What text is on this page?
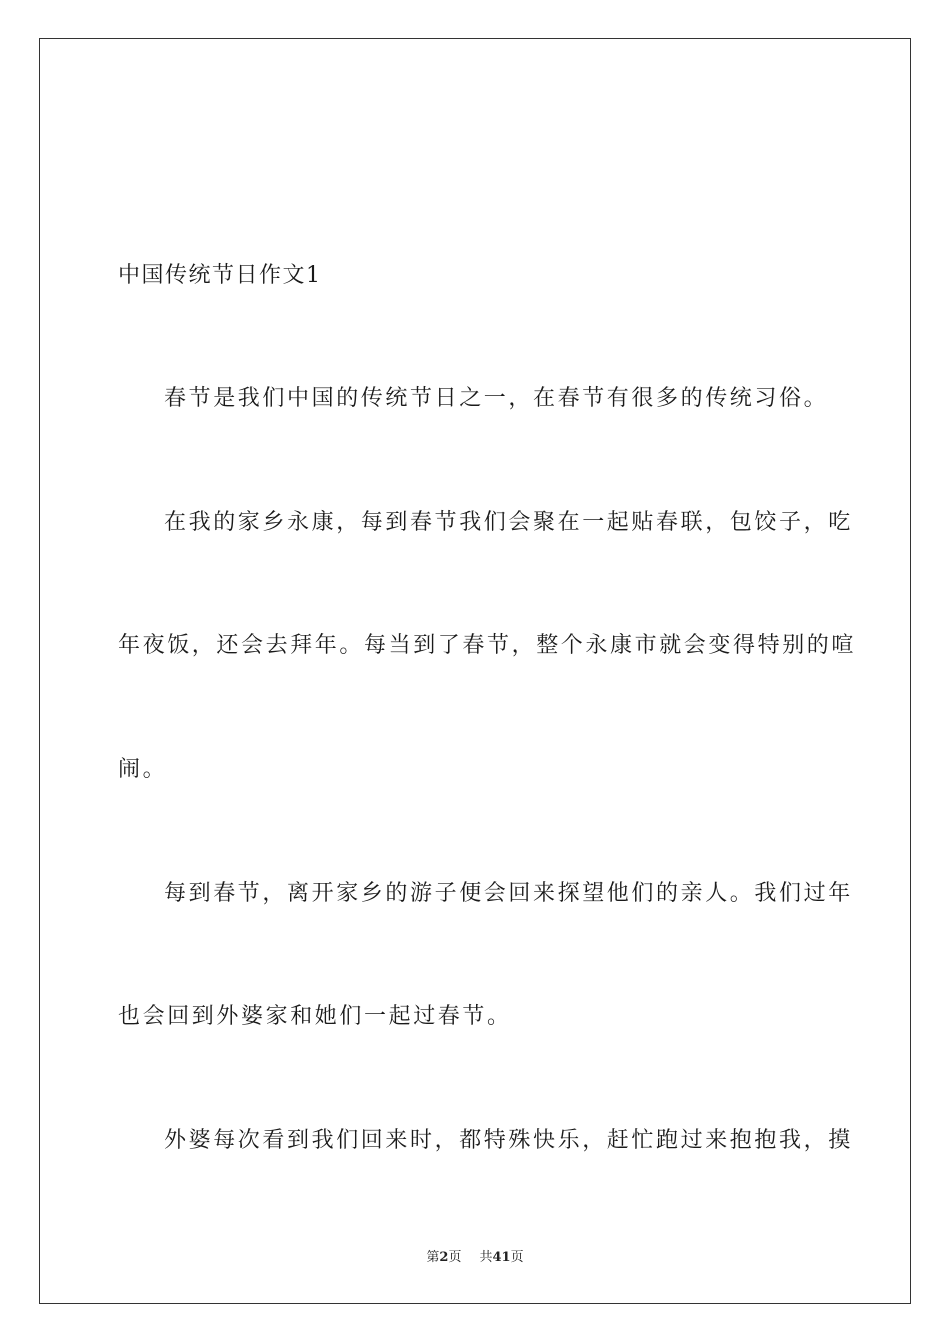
中国传统节日作文1
春节是我们中国的传统节日之一，在春节有很多的传统习俗。
在我的家乡永康，每到春节我们会聚在一起贴春联，包饺子，吃
年夜饭，还会去拜年。每当到了春节，整个永康市就会变得特别的喧
闹。
每到春节，离开家乡的游子便会回来探望他们的亲人。我们过年
也会回到外婆家和她们一起过春节。
外婆每次看到我们回来时，都特殊快乐，赶忙跑过来抱抱我，摸
第2页 共41页
